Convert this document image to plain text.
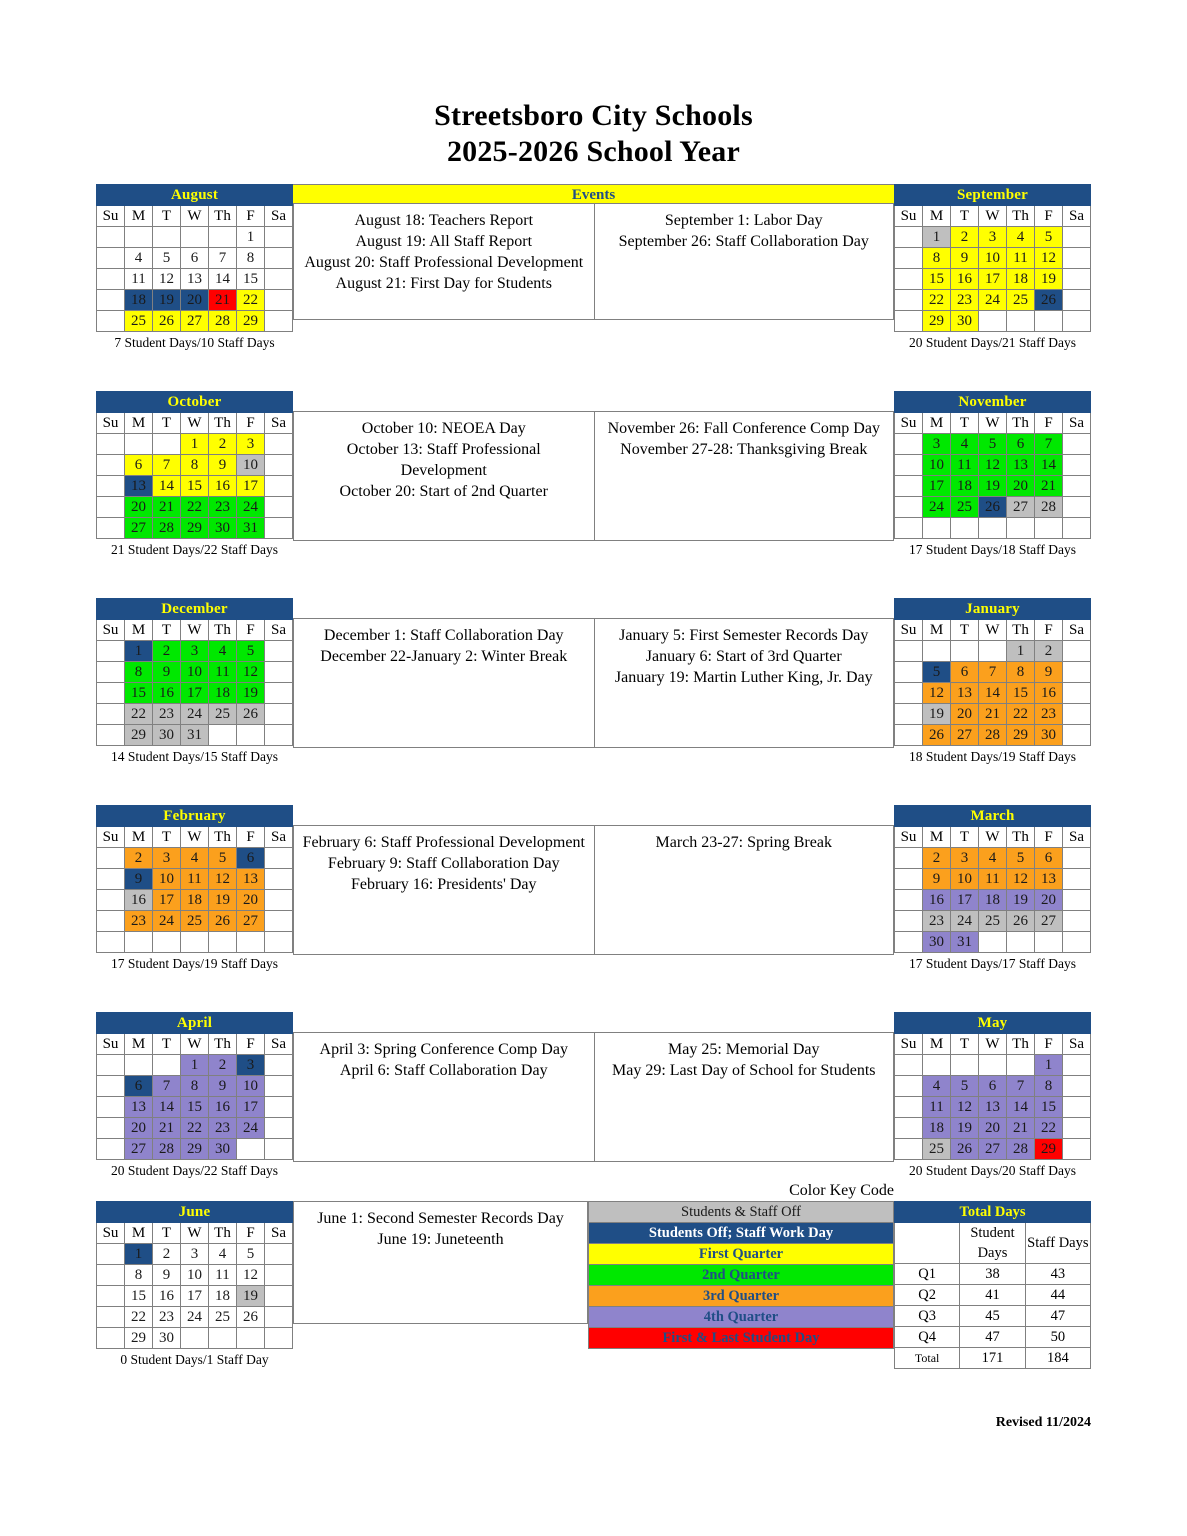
Streetsboro City Schools
2025-2026 School Year
August						
Su	M	T	W	Th	F	Sa
					1	
	4	5	6	7	8	
	11	12	13	14	15	
	18	19	20	21	22	
	25	26	27	28	29	
7 Student Days/10 Staff Days
Events

August 18: Teachers Report

August 19: All Staff Report

August 20: Staff Professional Development

August 21: First Day for Students

September 1: Labor Day

September 26: Staff Collaboration Day

September						
Su	M	T	W	Th	F	Sa
	1	2	3	4	5	
	8	9	10	11	12	
	15	16	17	18	19	
	22	23	24	25	26	
	29	30				
20 Student Days/21 Staff Days
October						
Su	M	T	W	Th	F	Sa
			1	2	3	
	6	7	8	9	10	
	13	14	15	16	17	
	20	21	22	23	24	
	27	28	29	30	31	
21 Student Days/22 Staff Days

October 10: NEOEA Day

October 13: Staff Professional Development

October 20: Start of 2nd Quarter

November 26: Fall Conference Comp Day

November 27-28: Thanksgiving Break

November						
Su	M	T	W	Th	F	Sa
	3	4	5	6	7	
	10	11	12	13	14	
	17	18	19	20	21	
	24	25	26	27	28	

17 Student Days/18 Staff Days
December						
Su	M	T	W	Th	F	Sa
	1	2	3	4	5	
	8	9	10	11	12	
	15	16	17	18	19	
	22	23	24	25	26	
	29	30	31			
14 Student Days/15 Staff Days

December 1: Staff Collaboration Day

December 22-January 2: Winter Break

January 5: First Semester Records Day

January 6: Start of 3rd Quarter

January 19: Martin Luther King, Jr. Day

January						
Su	M	T	W	Th	F	Sa
				1	2	
	5	6	7	8	9	
	12	13	14	15	16	
	19	20	21	22	23	
	26	27	28	29	30	
18 Student Days/19 Staff Days
February						
Su	M	T	W	Th	F	Sa
	2	3	4	5	6	
	9	10	11	12	13	
	16	17	18	19	20	
	23	24	25	26	27	

17 Student Days/19 Staff Days

February 6: Staff Professional Development

February 9: Staff Collaboration Day

February 16: Presidents' Day

March 23-27: Spring Break

March						
Su	M	T	W	Th	F	Sa
	2	3	4	5	6	
	9	10	11	12	13	
	16	17	18	19	20	
	23	24	25	26	27	
	30	31				
17 Student Days/17 Staff Days
April						
Su	M	T	W	Th	F	Sa
			1	2	3	
	6	7	8	9	10	
	13	14	15	16	17	
	20	21	22	23	24	
	27	28	29	30		
20 Student Days/22 Staff Days

April 3: Spring Conference Comp Day

April 6: Staff Collaboration Day

May 25: Memorial Day

May 29: Last Day of School for Students

May						
Su	M	T	W	Th	F	Sa
					1	
	4	5	6	7	8	
	11	12	13	14	15	
	18	19	20	21	22	
	25	26	27	28	29	
20 Student Days/20 Staff Days
Color Key Code
June						
Su	M	T	W	Th	F	Sa
	1	2	3	4	5	
	8	9	10	11	12	
	15	16	17	18	19	
	22	23	24	25	26	
	29	30				
0 Student Days/1 Staff Day

June 1: Second Semester Records Day

June 19: Juneteenth

Students & Staff Off
Students Off; Staff Work Day
First Quarter
2nd Quarter
3rd Quarter
4th Quarter
First & Last Student Day
Total Days		
	Student Days	Staff Days
Q1	38	43
Q2	41	44
Q3	45	47
Q4	47	50
Total	171	184
Revised 11/2024
